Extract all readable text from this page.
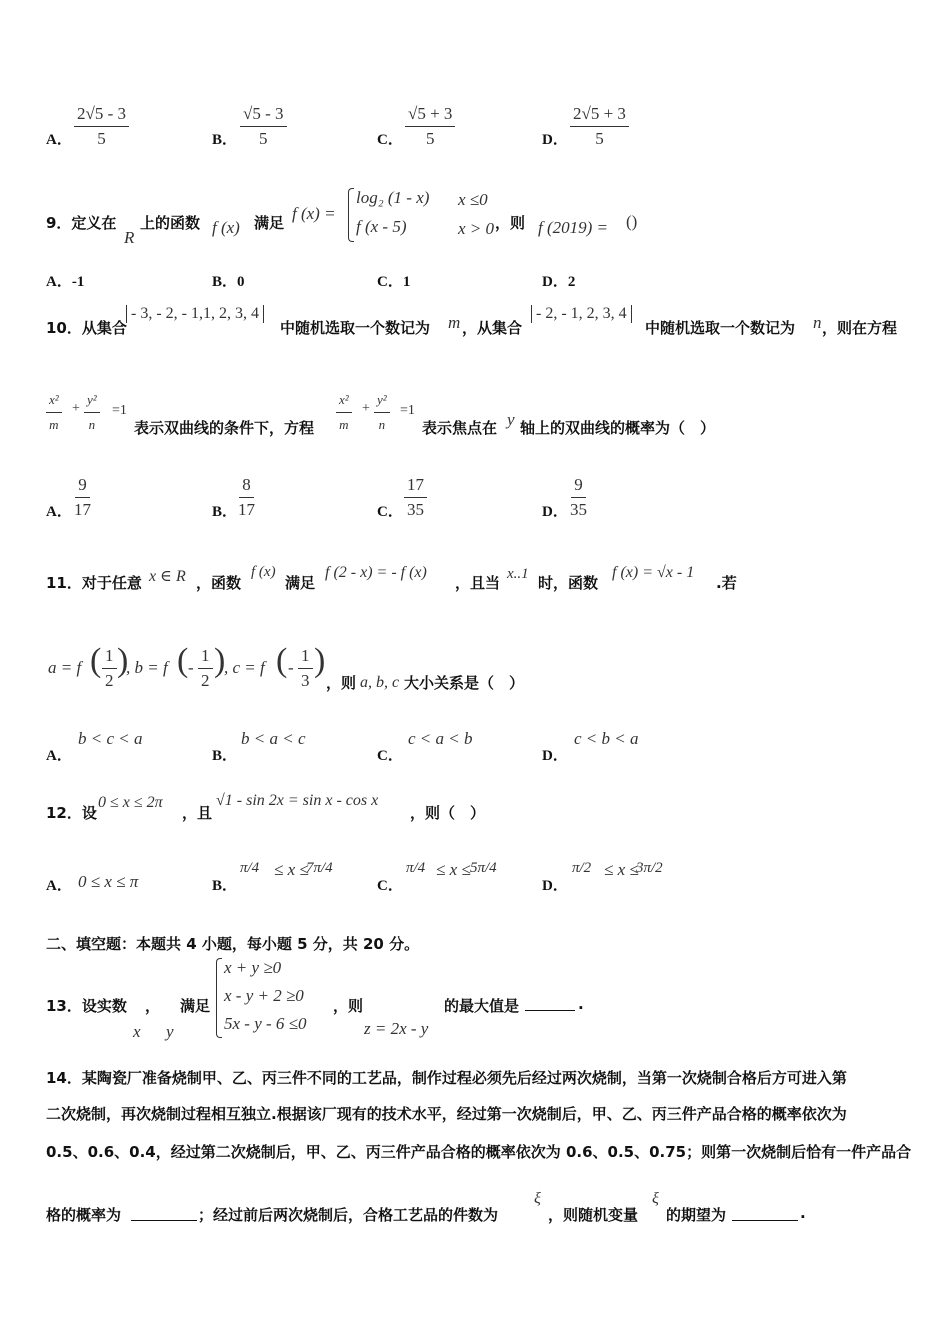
A． $\frac{2√5 - 3}{5}$	B． $\frac{√5 - 3}{5}$	C． $\frac{√5 + 3}{5}$	D． $\frac{2√5 + 3}{5}$
9．定义在
R
上的函数 f (x) 满足 f (x) =
log₂ (1 - x) x ≤0
f (x - 5)	x > 0 ，则 f (2019) = ()
A．-1	B．0	C．1	D．2
10．从集合
- 3, - 2, - 1,1, 2, 3, 4
中随机选取一个数记为 m ，从集合
- 2, - 1, 2, 3, 4
中随机选取一个数记为 n ，则在方程
$\frac{\text{x²}}{m} + \frac{\text{y²}}{n} =1$
表示双曲线的条件下，方程 $\frac{\text{x²}}{m} + \frac{\text{y²}}{n} =1$
表示焦点在 y 轴上的双曲线的概率为（　）
A． $\frac{9}{17}$	B． $\frac{8}{17}$	C． $\frac{17}{35}$	D． $\frac{9}{35}$
11．对于任意 x ∈ R ，函数
f (x)
满足
f (2 - x) = - f (x)
，且当 x..1 时，函数
f (x) = √x - 1
.若
a = f ( $\frac{1}{2}$ )
, b = f ( - $\frac{1}{2}$ )
, c = f ( - $\frac{1}{3}$ )
，则 a, b, c 大小关系是（　）
A．
b < c < a
B．
b < a < c
C．
c < a < b
D．
c < b < a
12．设
0 ≤ x ≤ 2π
，且
√1 - sin 2x = sin x - cos x
，则（　）
A． 0 ≤ x ≤ π	B．
π/4 ≤ x ≤
7π/4
C．
π/4 ≤ x ≤ 5π/4
D．
π/2 ≤ x ≤
3π/2
二、填空题：本题共 4 小题，每小题 5 分，共 20 分。
13．设实数 ，
x y
满足
x + y ≥0
x - y + 2 ≥0
5x - y - 6 ≤0
，则
z = 2x - y
的最大值是	.
14．某陶瓷厂准备烧制甲、乙、丙三件不同的工艺品，制作过程必须先后经过两次烧制，当第一次烧制合格后方可进入第
二次烧制，再次烧制过程相互独立.根据该厂现有的技术水平，经过第一次烧制后，甲、乙、丙三件产品合格的概率依次为
0.5、0.6、0.4，经过第二次烧制后，甲、乙、丙三件产品合格的概率依次为 0.6、0.5、0.75；则第一次烧制后恰有一件产品合
格的概率为	；经过前后两次烧制后，合格工艺品的件数为
ξ
，则随机变量
ξ
的期望为	.
